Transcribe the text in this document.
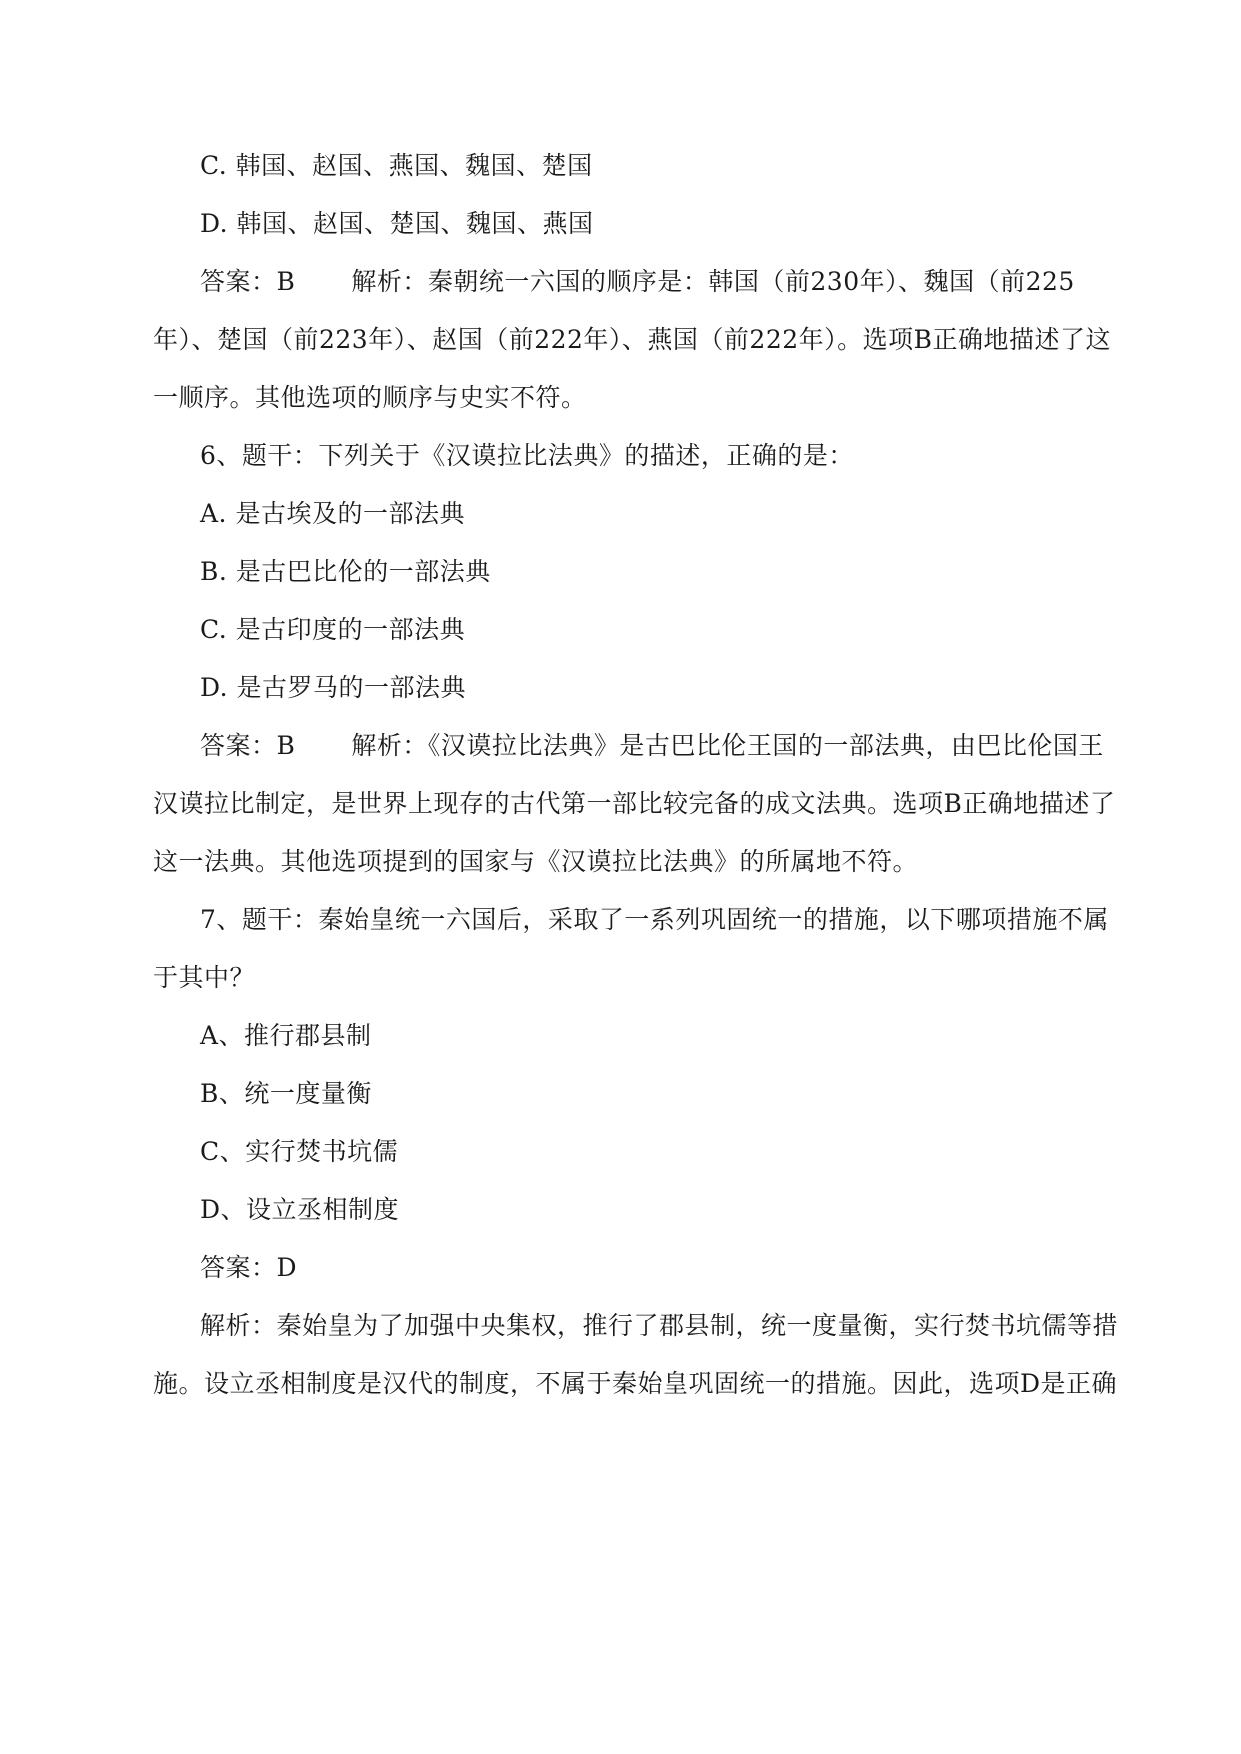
C. 韩国、赵国、燕国、魏国、楚国
D. 韩国、赵国、楚国、魏国、燕国
答案：B 解析：秦朝统一六国的顺序是：韩国（前230年）、魏国（前225
年）、楚国（前223年）、赵国（前222年）、燕国（前222年）。选项B正确地描述了这
一顺序。其他选项的顺序与史实不符。
6、题干：下列关于《汉谟拉比法典》的描述，正确的是：
A. 是古埃及的一部法典
B. 是古巴比伦的一部法典
C. 是古印度的一部法典
D. 是古罗马的一部法典
答案：B 解析：《汉谟拉比法典》是古巴比伦王国的一部法典，由巴比伦国王
汉谟拉比制定，是世界上现存的古代第一部比较完备的成文法典。选项B正确地描述了
这一法典。其他选项提到的国家与《汉谟拉比法典》的所属地不符。
7、题干：秦始皇统一六国后，采取了一系列巩固统一的措施，以下哪项措施不属
于其中？
A、推行郡县制
B、统一度量衡
C、实行焚书坑儒
D、设立丞相制度
答案：D
解析：秦始皇为了加强中央集权，推行了郡县制，统一度量衡，实行焚书坑儒等措
施。设立丞相制度是汉代的制度，不属于秦始皇巩固统一的措施。因此，选项D是正确
